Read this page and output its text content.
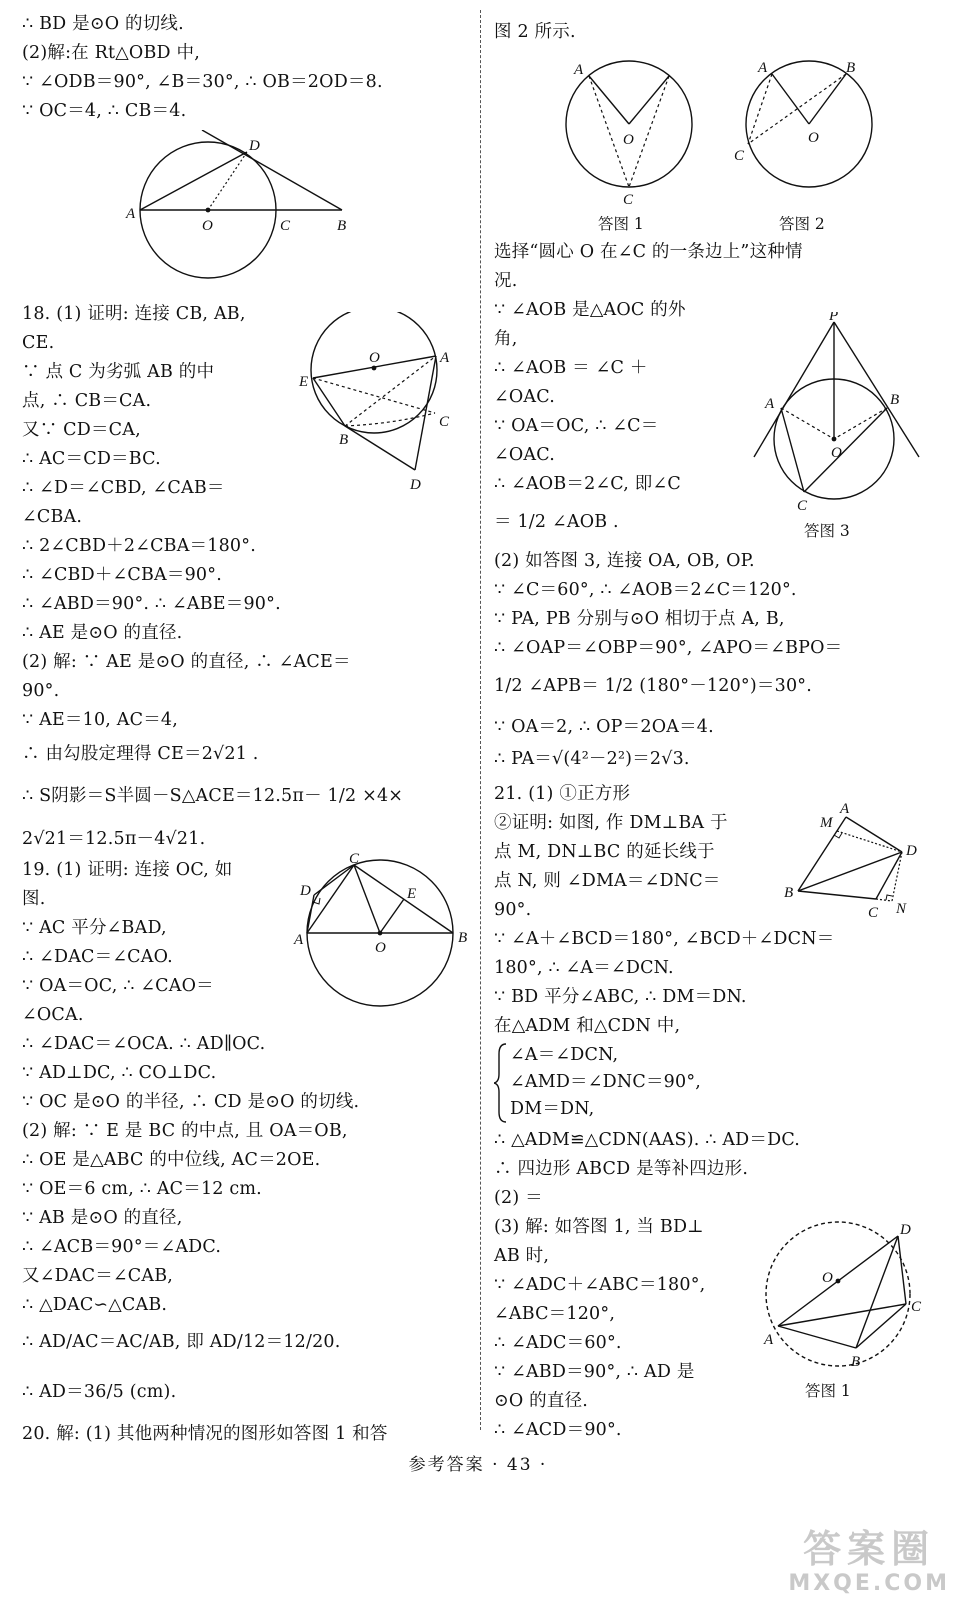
∴ BD 是⊙O 的切线.
(2)解:在 Rt△OBD 中,
∵ ∠ODB＝90°, ∠B＝30°, ∴ OB＝2OD＝8.
∵ OC＝4, ∴ CB＝4.
A
O	C	B
D
18. (1) 证明: 连接 CB, AB,
CE.
∵ 点 C 为劣弧 AB 的中
点, ∴ CB＝CA.
又∵ CD＝CA,
∴ AC＝CD＝BC.
∴ ∠D＝∠CBD, ∠CAB＝
∠CBA.
∴ 2∠CBD＋2∠CBA＝180°.
∴ ∠CBD＋∠CBA＝90°.
∴ ∠ABD＝90°. ∴ ∠ABE＝90°.
∴ AE 是⊙O 的直径.
(2) 解: ∵ AE 是⊙O 的直径, ∴ ∠ACE＝
90°.
∵ AE＝10, AC＝4,
∴ 由勾股定理得 CE＝2√21 .
∴ S阴影＝S半圆－S△ACE＝12.5π－ 1/2 ×4×
2√21＝12.5π－4√21.
O	A
E
C
B
D
19. (1) 证明: 连接 OC, 如
图.
∵ AC 平分∠BAD,
∴ ∠DAC＝∠CAO.
∵ OA＝OC, ∴ ∠CAO＝
∠OCA.
∴ ∠DAC＝∠OCA. ∴ AD∥OC.
∵ AD⊥DC, ∴ CO⊥DC.
∵ OC 是⊙O 的半径, ∴ CD 是⊙O 的切线.
(2) 解: ∵ E 是 BC 的中点, 且 OA＝OB,
∴ OE 是△ABC 的中位线, AC＝2OE.
∵ OE＝6 cm, ∴ AC＝12 cm.
∵ AB 是⊙O 的直径,
∴ ∠ACB＝90°＝∠ADC.
又∠DAC＝∠CAB,
∴ △DAC∽△CAB.
∴ AD/AC＝AC/AB, 即 AD/12＝12/20.
∴ AD＝36/5 (cm).
20. 解: (1) 其他两种情况的图形如答图 1 和答
D
C
A	O
E
B
图 2 所示.
A
O
C
答图 1
A	B
O
C
答图 2
选择“圆心 O 在∠C 的一条边上”这种情
况.
∵ ∠AOB 是△AOC 的外
角,
∴ ∠AOB ＝ ∠C ＋
∠OAC.
∵ OA＝OC, ∴ ∠C＝
∠OAC.
∴ ∠AOB＝2∠C, 即∠C
＝ 1/2 ∠AOB .
P
A	B
O
C
答图 3
(2) 如答图 3, 连接 OA, OB, OP.
∵ ∠C＝60°, ∴ ∠AOB＝2∠C＝120°.
∵ PA, PB 分别与⊙O 相切于点 A, B,
∴ ∠OAP＝∠OBP＝90°, ∠APO＝∠BPO＝
1/2 ∠APB＝ 1/2 (180°－120°)＝30°.
∵ OA＝2, ∴ OP＝2OA＝4.
∴ PA＝√(4²－2²)＝2√3.
21. (1) ①正方形
②证明: 如图, 作 DM⊥BA 于
点 M, DN⊥BC 的延长线于
点 N, 则 ∠DMA＝∠DNC＝
90°.
A
M
D
B
C N
∵ ∠A＋∠BCD＝180°, ∠BCD＋∠DCN＝
180°, ∴ ∠A＝∠DCN.
∵ BD 平分∠ABC, ∴ DM＝DN.
在△ADM 和△CDN 中,
∠A＝∠DCN,
∠AMD＝∠DNC＝90°,
DM＝DN,
∴ △ADM≌△CDN(AAS). ∴ AD＝DC.
∴ 四边形 ABCD 是等补四边形.
(2) ＝
(3) 解: 如答图 1, 当 BD⊥
AB 时,
∵ ∠ADC＋∠ABC＝180°,
∠ABC＝120°,
∴ ∠ADC＝60°.
∵ ∠ABD＝90°, ∴ AD 是
⊙O 的直径.
∴ ∠ACD＝90°.
D
O
C
A
B
答图 1
参考答案 · 43 ·
答案圈
MXQE.COM
